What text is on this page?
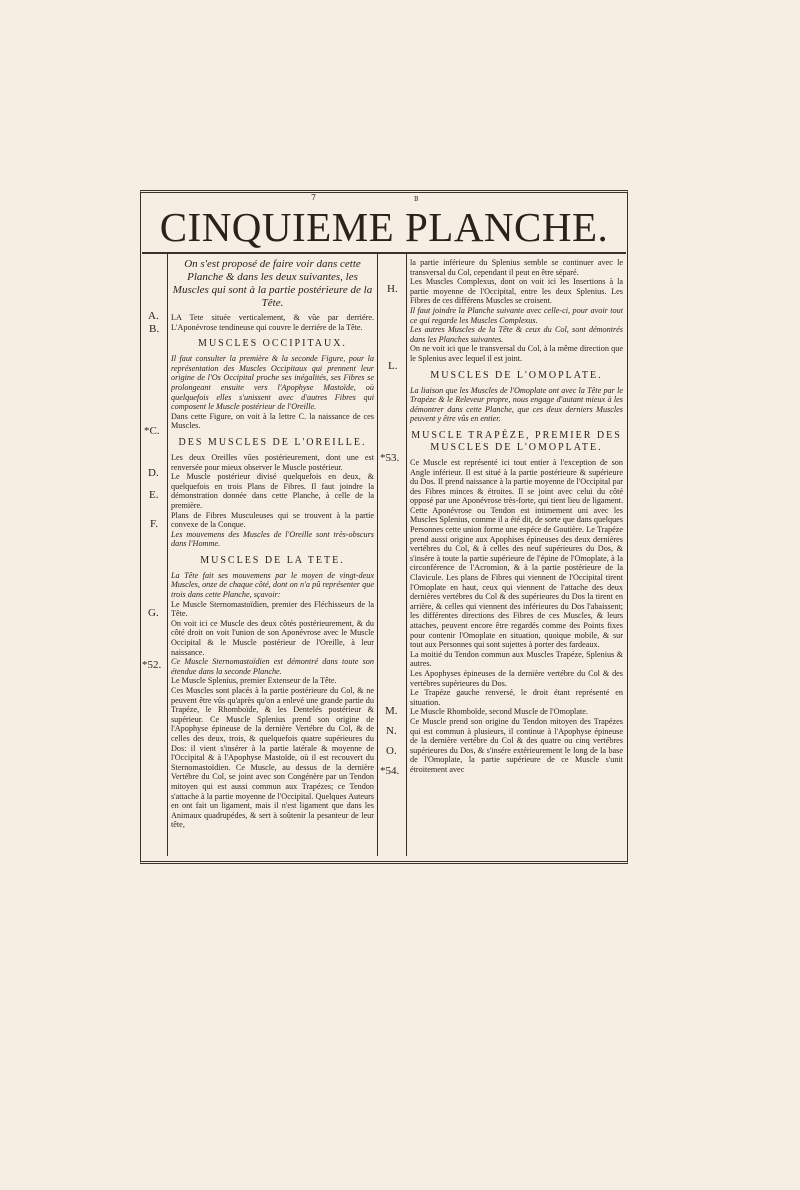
7	B
CINQUIEME PLANCHE.
A.
B.
*C.
D.
E.
F.
G.
*52.
H.
L.
*53.
M.
N.
O.
*54.

On s'est proposé de faire voir dans cette Planche & dans les deux suivantes, les Muscles qui sont à la partie postérieure de la Tête.

LA Tete située verticalement, & vûe par derriére. L'Aponévrose tendineuse qui couvre le derriére de la Tête.

MUSCLES OCCIPITAUX.

Il faut consulter la première & la seconde Figure, pour la représentation des Muscles Occipitaux qui prennent leur origine de l'Os Occipital proche ses inégalités, ses Fibres se prolongeant ensuite vers l'Apophyse Mastoïde, où quelquefois elles s'unissent avec d'autres Fibres qui composent le Muscle postérieur de l'Oreille.

Dans cette Figure, on voit à la lettre C. la naissance de ces Muscles.

DES MUSCLES DE L'OREILLE.

Les deux Oreilles vûes postérieurement, dont une est renversée pour mieux observer le Muscle postérieur.

Le Muscle postérieur divisé quelquefois en deux, & quelquefois en trois Plans de Fibres. Il faut joindre la démonstration donnée dans cette Planche, à celle de la première.

Plans de Fibres Musculeuses qui se trouvent à la partie convexe de la Conque.

Les mouvemens des Muscles de l'Oreille sont très-obscurs dans l'Homme.

MUSCLES DE LA TETE.

La Tête fait ses mouvemens par le moyen de vingt-deux Muscles, onze de chaque côté, dont on n'a pû représenter que trois dans cette Planche, sçavoir:

Le Muscle Sternomastoïdien, premier des Fléchisseurs de la Tête.

On voit ici ce Muscle des deux côtés postérieurement, & du côté droit on voit l'union de son Aponévrose avec le Muscle Occipital & le Muscle postérieur de l'Oreille, à leur naissance.

Ce Muscle Sternomastoïdien est démontré dans toute son étendue dans la seconde Planche.

Le Muscle Splenius, premier Extenseur de la Tête.

Ces Muscles sont placés à la partie postérieure du Col, & ne peuvent être vûs qu'après qu'on a enlevé une grande partie du Trapéze, le Rhomboïde, & les Dentelés postérieur & supérieur. Ce Muscle Splenius prend son origine de l'Apophyse épineuse de la dernière Vertébre du Col, & de celles des deux, trois, & quelquefois quatre supérieures du Dos: il vient s'insérer à la partie latérale & moyenne de l'Occipital & à l'Apophyse Mastoïde, où il est recouvert du Sternomastoïdien. Ce Muscle, au dessus de la dernière Vertébre du Col, se joint avec son Congénère par un Tendon mitoyen qui est aussi commun aux Trapézes; ce Tendon s'attache à la partie moyenne de l'Occipital. Quelques Auteurs en ont fait un ligament, mais il n'est ligament que dans les Animaux quadrupédes, & sert à soûtenir la pesanteur de leur tête,

la partie inférieure du Splenius semble se continuer avec le transversal du Col, cependant il peut en être séparé.

Les Muscles Complexus, dont on voit ici les Insertions à la partie moyenne de l'Occipital, entre les deux Splenius. Les Fibres de ces différens Muscles se croisent.

Il faut joindre la Planche suivante avec celle-ci, pour avoir tout ce qui regarde les Muscles Complexus.

Les autres Muscles de la Tête & ceux du Col, sont démontrés dans les Planches suivantes.

On ne voit ici que le transversal du Col, à la même direction que le Splenius avec lequel il est joint.

MUSCLES DE L'OMOPLATE.

La liaison que les Muscles de l'Omoplate ont avec la Tête par le Trapéze & le Releveur propre, nous engage d'autant mieux à les démontrer dans cette Planche, que ces deux derniers Muscles peuvent y être vûs en entier.

MUSCLE TRAPÉZE, PREMIER DES MUSCLES DE L'OMOPLATE.

Ce Muscle est représenté ici tout entier à l'exception de son Angle inférieur. Il est situé à la partie postérieure & supérieure du Dos. Il prend naissance à la partie moyenne de l'Occipital par des Fibres minces & étroites. Il se joint avec celui du côté opposé par une Aponévrose très-forte, qui tient lieu de ligament. Cette Aponévrose ou Tendon est intimement uni avec les Muscles Splenius, comme il a été dit, de sorte que dans quelques Personnes cette union forme une espéce de Goutière. Le Trapéze prend aussi origine aux Apophises épineuses des deux dernières vertébres du Col, & à celles des neuf supérieures du Dos, & s'insére à toute la partie supérieure de l'épine de l'Omoplate, à la circonférence de l'Acromion, & à la partie postérieure de la Clavicule. Les plans de Fibres qui viennent de l'Occipital tirent l'Omoplate en haut, ceux qui viennent de l'attache des deux dernières vertébres du Col & des supérieures du Dos la tirent en arrière, & celles qui viennent des inférieures du Dos l'abaissent; les différentes directions des Fibres de ces Muscles, & leurs attaches, peuvent encore être regardés comme des Points fixes pour contenir l'Omoplate en situation, quoique mobile, & sur tout aux Personnes qui sont sujettes à porter des fardeaux.

La moitié du Tendon commun aux Muscles Trapéze, Splenius & autres.

Les Apophyses épineuses de la dernière vertébre du Col & des vertébres supérieures du Dos.

Le Trapéze gauche renversé, le droit étant représenté en situation.

Le Muscle Rhomboïde, second Muscle de l'Omoplate.

Ce Muscle prend son origine du Tendon mitoyen des Trapézes qui est commun à plusieurs, il continue à l'Apophyse épineuse de la dernière vertébre du Col & des quatre ou cinq vertébres supérieures du Dos, & s'insére extérieurement le long de la base de l'Omoplate, la partie supérieure de ce Muscle s'unit étroitement avec
